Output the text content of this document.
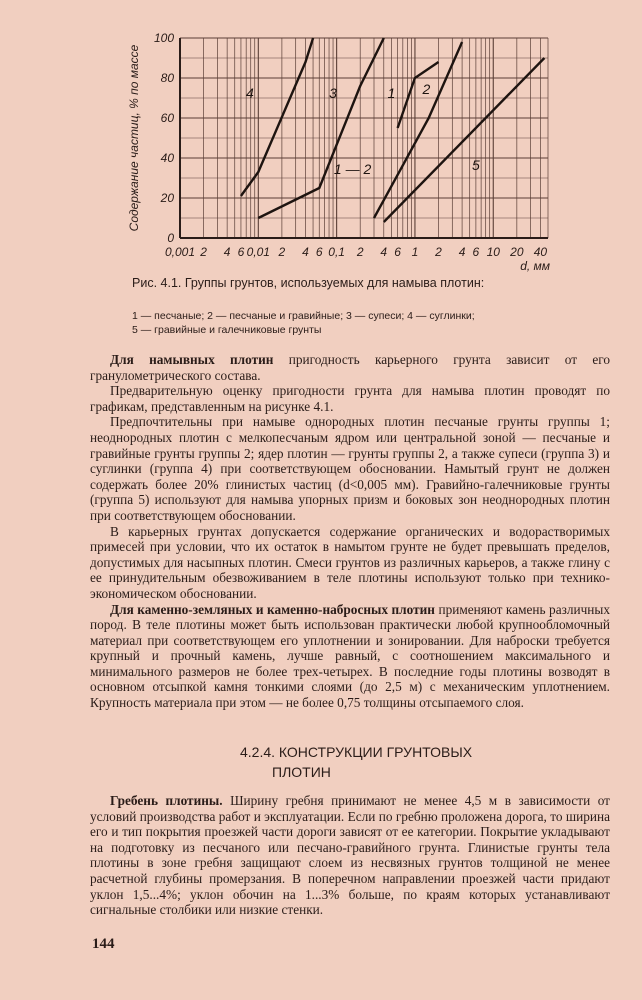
0
20
40
60
80
100
0,001 2 4 6 0,01 2 4 6 0,1 2 4 6 1 2 4 6 10 20 40
d, мм
Содержание частиц, % по массе	4	3	1 2
1 — 2	5
Рис. 4.1. Группы грунтов, используемых для намыва плотин:
1 — песчаные; 2 — песчаные и гравийные; 3 — супеси; 4 — суглинки;
5 — гравийные и галечниковые грунты

Для намывных плотин пригодность карьерного грунта зависит от его гранулометрического состава.

Предварительную оценку пригодности грунта для намыва плотин проводят по графикам, представленным на рисунке 4.1.

Предпочтительны при намыве однородных плотин песчаные грунты группы 1; неоднородных плотин с мелкопесчаным ядром или центральной зоной — песчаные и гравийные грунты группы 2; ядер плотин — грунты группы 2, а также супеси (группа 3) и суглинки (группа 4) при соответствующем обосновании. Намытый грунт не должен содержать более 20% глинистых частиц (d<0,005 мм). Гравийно-галечниковые грунты (группа 5) используют для намыва упорных призм и боковых зон неоднородных плотин при соответствующем обосновании.

В карьерных грунтах допускается содержание органических и водорастворимых примесей при условии, что их остаток в намытом грунте не будет превышать пределов, допустимых для насыпных плотин. Смеси грунтов из различных карьеров, а также глину с ее принудительным обезвоживанием в теле плотины используют только при технико-экономическом обосновании.

Для каменно-земляных и каменно-набросных плотин применяют камень различных пород. В теле плотины может быть использован практически любой крупнообломочный материал при соответствующем его уплотнении и зонировании. Для наброски требуется крупный и прочный камень, лучше равный, с соотношением максимального и минимального размеров не более трех-четырех. В последние годы плотины возводят в основном отсыпкой камня тонкими слоями (до 2,5 м) с механическим уплотнением. Крупность материала при этом — не более 0,75 толщины отсыпаемого слоя.

4.2.4. КОНСТРУКЦИИ ГРУНТОВЫХ
ПЛОТИН

Гребень плотины. Ширину гребня принимают не менее 4,5 м в зависимости от условий производства работ и эксплуатации. Если по гребню проложена дорога, то ширина его и тип покрытия проезжей части дороги зависят от ее категории. Покрытие укладывают на подготовку из песчаного или песчано-гравийного грунта. Глинистые грунты тела плотины в зоне гребня защищают слоем из несвязных грунтов толщиной не менее расчетной глубины промерзания. В поперечном направлении проезжей части придают уклон 1,5...4%; уклон обочин на 1...3% больше, по краям которых устанавливают сигнальные столбики или низкие стенки.

144
